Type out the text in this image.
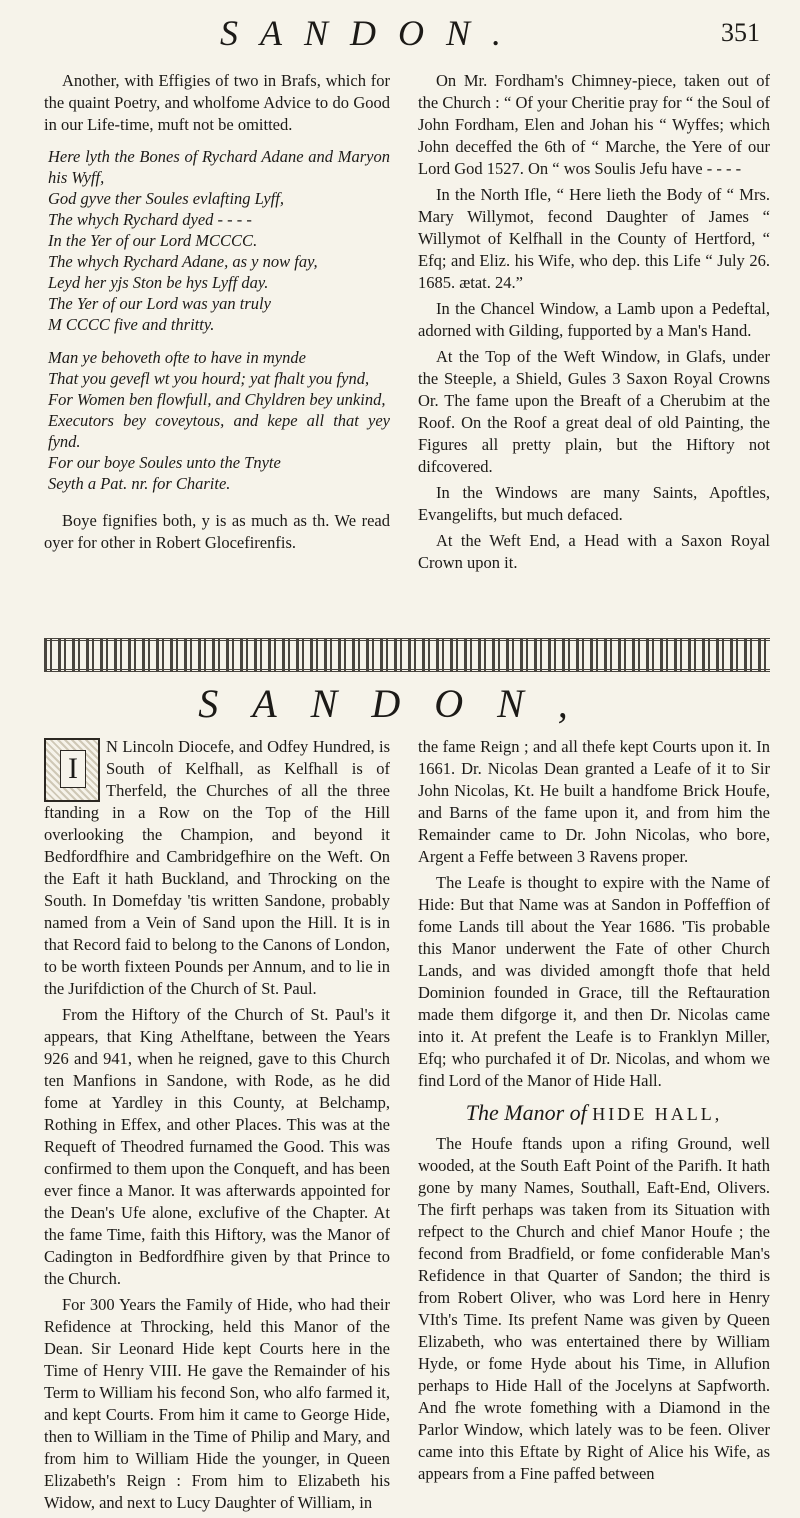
SANDON.	351

Another, with Effigies of two in Brafs, which for the quaint Poetry, and wholfome Advice to do Good in our Life-time, muft not be omitted.

Here lyth the Bones of Rychard Adane and Maryon his Wyff,
God gyve ther Soules evlafting Lyff,
The whych Rychard dyed - - - -
In the Yer of our Lord MCCCC.
The whych Rychard Adane, as y now fay,
Leyd her yjs Ston be hys Lyff day.
The Yer of our Lord was yan truly
M CCCC five and thritty.
Man ye behoveth ofte to have in mynde
That you gevefl wt you hourd; yat fhalt you fynd,
For Women ben flowfull, and Chyldren bey unkind,
Executors bey coveytous, and kepe all that yey fynd.
For our boye Soules unto the Tnyte
Seyth a Pat. nr. for Charite.

Boye fignifies both, y is as much as th. We read oyer for other in Robert Glocefirenfis.

On Mr. Fordham's Chimney-piece, taken out of the Church : “ Of your Cheritie pray for “ the Soul of John Fordham, Elen and Johan his “ Wyffes; which John deceffed the 6th of “ Marche, the Yere of our Lord God 1527. On “ wos Soulis Jefu have - - - -

In the North Ifle, “ Here lieth the Body of “ Mrs. Mary Willymot, fecond Daughter of James “ Willymot of Kelfhall in the County of Hertford, “ Efq; and Eliz. his Wife, who dep. this Life “ July 26. 1685. ætat. 24.”

In the Chancel Window, a Lamb upon a Pedeftal, adorned with Gilding, fupported by a Man's Hand.

At the Top of the Weft Window, in Glafs, under the Steeple, a Shield, Gules 3 Saxon Royal Crowns Or. The fame upon the Breaft of a Cherubim at the Roof. On the Roof a great deal of old Painting, the Figures all pretty plain, but the Hiftory not difcovered.

In the Windows are many Saints, Apoftles, Evangelifts, but much defaced.

At the Weft End, a Head with a Saxon Royal Crown upon it.

SANDON,
I

N Lincoln Diocefe, and Odfey Hundred, is South of Kelfhall, as Kelfhall is of Therfeld, the Churches of all the three ftanding in a Row on the Top of the Hill overlooking the Champion, and beyond it Bedfordfhire and Cambridgefhire on the Weft. On the Eaft it hath Buckland, and Throcking on the South. In Domefday 'tis written Sandone, probably named from a Vein of Sand upon the Hill. It is in that Record faid to belong to the Canons of London, to be worth fixteen Pounds per Annum, and to lie in the Jurifdiction of the Church of St. Paul.

From the Hiftory of the Church of St. Paul's it appears, that King Athelftane, between the Years 926 and 941, when he reigned, gave to this Church ten Manfions in Sandone, with Rode, as he did fome at Yardley in this County, at Belchamp, Rothing in Effex, and other Places. This was at the Requeft of Theodred furnamed the Good. This was confirmed to them upon the Conqueft, and has been ever fince a Manor. It was afterwards appointed for the Dean's Ufe alone, exclufive of the Chapter. At the fame Time, faith this Hiftory, was the Manor of Cadington in Bedfordfhire given by that Prince to the Church.

For 300 Years the Family of Hide, who had their Refidence at Throcking, held this Manor of the Dean. Sir Leonard Hide kept Courts here in the Time of Henry VIII. He gave the Remainder of his Term to William his fecond Son, who alfo farmed it, and kept Courts. From him it came to George Hide, then to William in the Time of Philip and Mary, and from him to William Hide the younger, in Queen Elizabeth's Reign : From him to Elizabeth his Widow, and next to Lucy Daughter of William, in

the fame Reign ; and all thefe kept Courts upon it. In 1661. Dr. Nicolas Dean granted a Leafe of it to Sir John Nicolas, Kt. He built a handfome Brick Houfe, and Barns of the fame upon it, and from him the Remainder came to Dr. John Nicolas, who bore, Argent a Feffe between 3 Ravens proper.

The Leafe is thought to expire with the Name of Hide: But that Name was at Sandon in Poffeffion of fome Lands till about the Year 1686. 'Tis probable this Manor underwent the Fate of other Church Lands, and was divided amongft thofe that held Dominion founded in Grace, till the Reftauration made them difgorge it, and then Dr. Nicolas came into it. At prefent the Leafe is to Franklyn Miller, Efq; who purchafed it of Dr. Nicolas, and whom we find Lord of the Manor of Hide Hall.

The Manor of HIDE HALL,

The Houfe ftands upon a rifing Ground, well wooded, at the South Eaft Point of the Parifh. It hath gone by many Names, Southall, Eaft-End, Olivers. The firft perhaps was taken from its Situation with refpect to the Church and chief Manor Houfe ; the fecond from Bradfield, or fome confiderable Man's Refidence in that Quarter of Sandon; the third is from Robert Oliver, who was Lord here in Henry VIth's Time. Its prefent Name was given by Queen Elizabeth, who was entertained there by William Hyde, or fome Hyde about his Time, in Allufion perhaps to Hide Hall of the Jocelyns at Sapfworth. And fhe wrote fomething with a Diamond in the Parlor Window, which lately was to be feen. Oliver came into this Eftate by Right of Alice his Wife, as appears from a Fine paffed between
